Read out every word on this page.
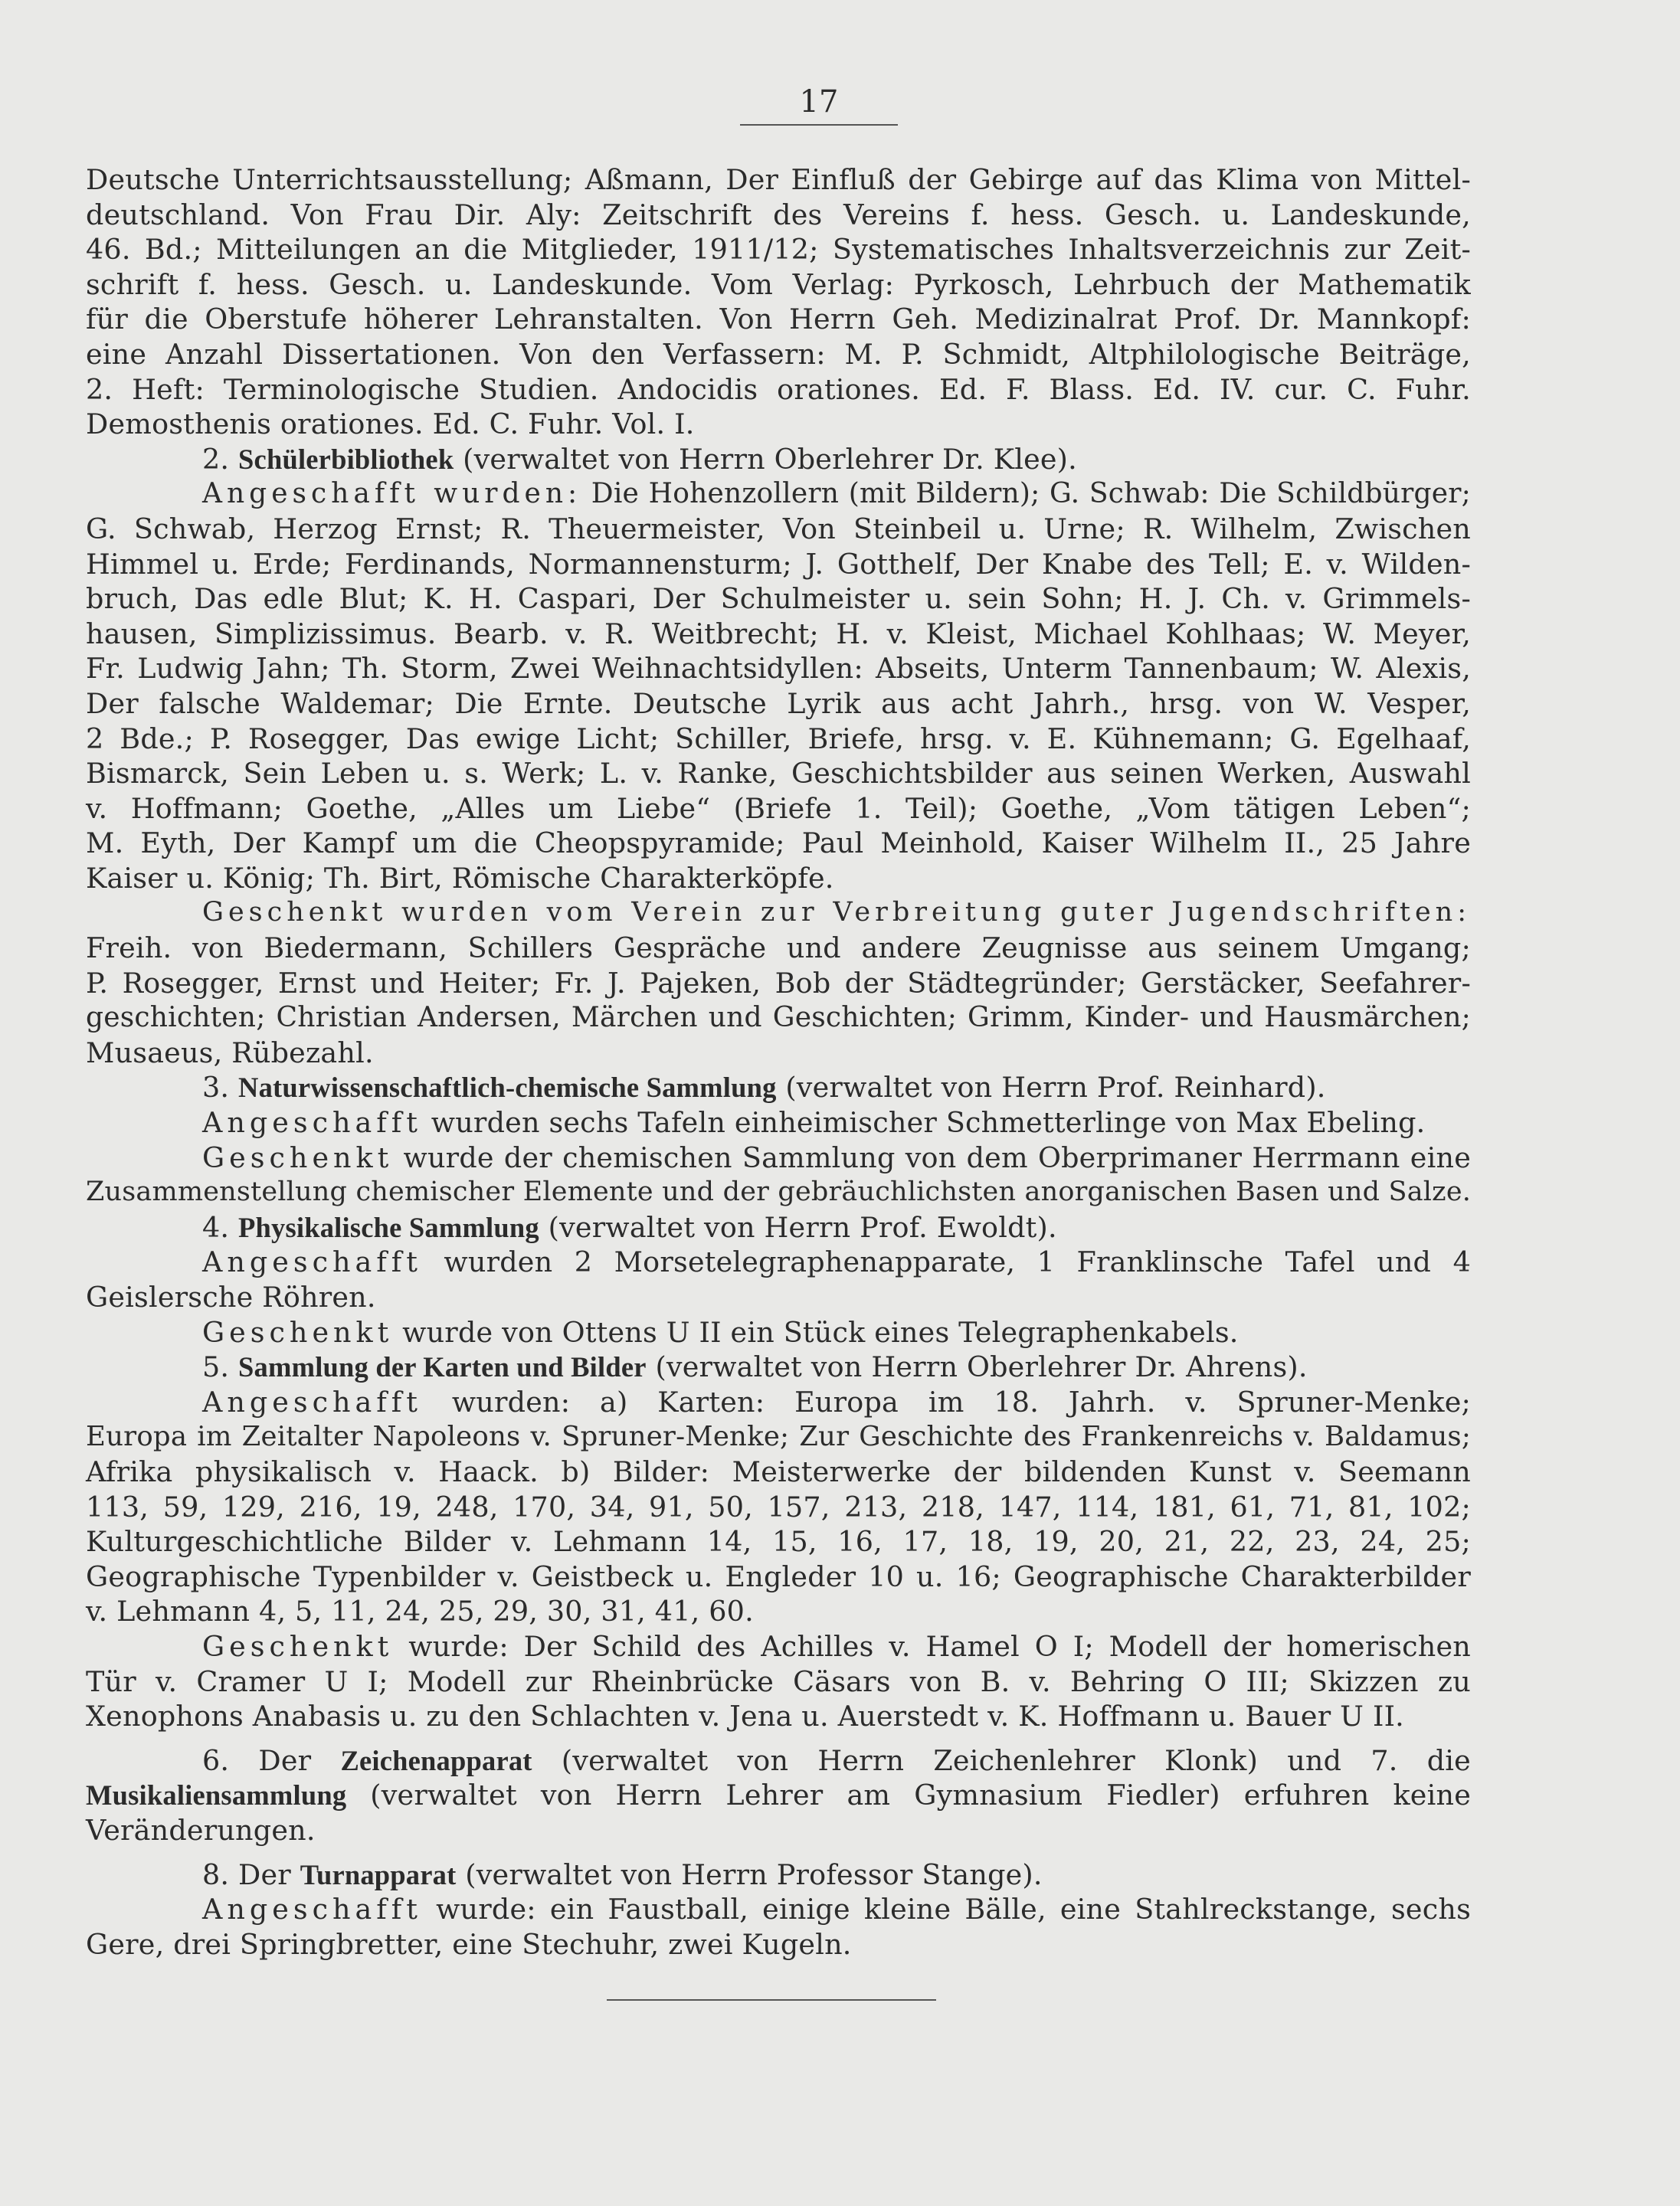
17
Deutsche Unterrichtsausstellung; Aßmann, Der Einfluß der Gebirge auf das Klima von Mittel-
deutschland. Von Frau Dir. Aly: Zeitschrift des Vereins f. hess. Gesch. u. Landeskunde,
46. Bd.; Mitteilungen an die Mitglieder, 1911/12; Systematisches Inhaltsverzeichnis zur Zeit-
schrift f. hess. Gesch. u. Landeskunde. Vom Verlag: Pyrkosch, Lehrbuch der Mathematik
für die Oberstufe höherer Lehranstalten. Von Herrn Geh. Medizinalrat Prof. Dr. Mannkopf:
eine Anzahl Dissertationen. Von den Verfassern: M. P. Schmidt, Altphilologische Beiträge,
2. Heft: Terminologische Studien. Andocidis orationes. Ed. F. Blass. Ed. IV. cur. C. Fuhr.
Demosthenis orationes. Ed. C. Fuhr. Vol. I.
2. Schülerbibliothek (verwaltet von Herrn Oberlehrer Dr. Klee).
Angeschafft wurden: Die Hohenzollern (mit Bildern); G. Schwab: Die Schildbürger;
G. Schwab, Herzog Ernst; R. Theuermeister, Von Steinbeil u. Urne; R. Wilhelm, Zwischen
Himmel u. Erde; Ferdinands, Normannensturm; J. Gotthelf, Der Knabe des Tell; E. v. Wilden-
bruch, Das edle Blut; K. H. Caspari, Der Schulmeister u. sein Sohn; H. J. Ch. v. Grimmels-
hausen, Simplizissimus. Bearb. v. R. Weitbrecht; H. v. Kleist, Michael Kohlhaas; W. Meyer,
Fr. Ludwig Jahn; Th. Storm, Zwei Weihnachtsidyllen: Abseits, Unterm Tannenbaum; W. Alexis,
Der falsche Waldemar; Die Ernte. Deutsche Lyrik aus acht Jahrh., hrsg. von W. Vesper,
2 Bde.; P. Rosegger, Das ewige Licht; Schiller, Briefe, hrsg. v. E. Kühnemann; G. Egelhaaf,
Bismarck, Sein Leben u. s. Werk; L. v. Ranke, Geschichtsbilder aus seinen Werken, Auswahl
v. Hoffmann; Goethe, „Alles um Liebe“ (Briefe 1. Teil); Goethe, „Vom tätigen Leben“;
M. Eyth, Der Kampf um die Cheopspyramide; Paul Meinhold, Kaiser Wilhelm II., 25 Jahre
Kaiser u. König; Th. Birt, Römische Charakterköpfe.
Geschenkt wurden vom Verein zur Verbreitung guter Jugendschriften:
Freih. von Biedermann, Schillers Gespräche und andere Zeugnisse aus seinem Umgang;
P. Rosegger, Ernst und Heiter; Fr. J. Pajeken, Bob der Städtegründer; Gerstäcker, Seefahrer-
geschichten; Christian Andersen, Märchen und Geschichten; Grimm, Kinder- und Hausmärchen;
Musaeus, Rübezahl.
3. Naturwissenschaftlich-chemische Sammlung (verwaltet von Herrn Prof. Reinhard).
Angeschafft wurden sechs Tafeln einheimischer Schmetterlinge von Max Ebeling.
Geschenkt wurde der chemischen Sammlung von dem Oberprimaner Herrmann eine
Zusammenstellung chemischer Elemente und der gebräuchlichsten anorganischen Basen und Salze.
4. Physikalische Sammlung (verwaltet von Herrn Prof. Ewoldt).
Angeschafft wurden 2 Morsetelegraphenapparate, 1 Franklinsche Tafel und 4
Geislersche Röhren.
Geschenkt wurde von Ottens U II ein Stück eines Telegraphenkabels.
5. Sammlung der Karten und Bilder (verwaltet von Herrn Oberlehrer Dr. Ahrens).
Angeschafft wurden: a) Karten: Europa im 18. Jahrh. v. Spruner-Menke;
Europa im Zeitalter Napoleons v. Spruner-Menke; Zur Geschichte des Frankenreichs v. Baldamus;
Afrika physikalisch v. Haack. b) Bilder: Meisterwerke der bildenden Kunst v. Seemann
113, 59, 129, 216, 19, 248, 170, 34, 91, 50, 157, 213, 218, 147, 114, 181, 61, 71, 81, 102;
Kulturgeschichtliche Bilder v. Lehmann 14, 15, 16, 17, 18, 19, 20, 21, 22, 23, 24, 25;
Geographische Typenbilder v. Geistbeck u. Engleder 10 u. 16; Geographische Charakterbilder
v. Lehmann 4, 5, 11, 24, 25, 29, 30, 31, 41, 60.
Geschenkt wurde: Der Schild des Achilles v. Hamel O I; Modell der homerischen
Tür v. Cramer U I; Modell zur Rheinbrücke Cäsars von B. v. Behring O III; Skizzen zu
Xenophons Anabasis u. zu den Schlachten v. Jena u. Auerstedt v. K. Hoffmann u. Bauer U II.
6. Der Zeichenapparat (verwaltet von Herrn Zeichenlehrer Klonk) und 7. die
Musikaliensammlung (verwaltet von Herrn Lehrer am Gymnasium Fiedler) erfuhren keine
Veränderungen.
8. Der Turnapparat (verwaltet von Herrn Professor Stange).
Angeschafft wurde: ein Faustball, einige kleine Bälle, eine Stahlreckstange, sechs
Gere, drei Springbretter, eine Stechuhr, zwei Kugeln.
